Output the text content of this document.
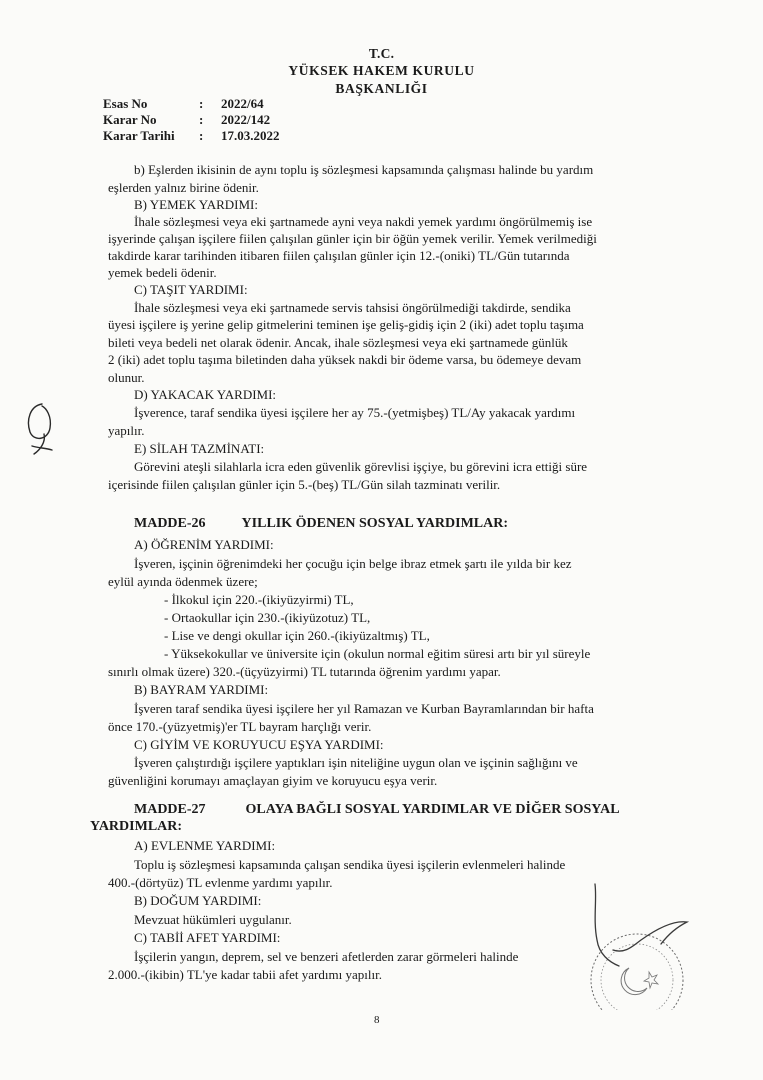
T.C.
YÜKSEK HAKEM KURULU
BAŞKANLIĞI
Esas No	: 2022/64
Karar No	: 2022/142
Karar Tarihi : 17.03.2022
b) Eşlerden ikisinin de aynı toplu iş sözleşmesi kapsamında çalışması halinde bu yardım
eşlerden yalnız birine ödenir.
B) YEMEK YARDIMI:
İhale sözleşmesi veya eki şartnamede ayni veya nakdi yemek yardımı öngörülmemiş ise
işyerinde çalışan işçilere fiilen çalışılan günler için bir öğün yemek verilir. Yemek verilmediği
takdirde karar tarihinden itibaren fiilen çalışılan günler için 12.-(oniki) TL/Gün tutarında
yemek bedeli ödenir.
C) TAŞIT YARDIMI:
İhale sözleşmesi veya eki şartnamede servis tahsisi öngörülmediği takdirde, sendika
üyesi işçilere iş yerine gelip gitmelerini teminen işe geliş-gidiş için 2 (iki) adet toplu taşıma
bileti veya bedeli net olarak ödenir. Ancak, ihale sözleşmesi veya eki şartnamede günlük
2 (iki) adet toplu taşıma biletinden daha yüksek nakdi bir ödeme varsa, bu ödemeye devam
olunur.
D) YAKACAK YARDIMI:
İşverence, taraf sendika üyesi işçilere her ay 75.-(yetmişbeş) TL/Ay yakacak yardımı
yapılır.
E) SİLAH TAZMİNATI:
Görevini ateşli silahlarla icra eden güvenlik görevlisi işçiye, bu görevini icra ettiği süre
içerisinde fiilen çalışılan günler için 5.-(beş) TL/Gün silah tazminatı verilir.
MADDE-26	YILLIK ÖDENEN SOSYAL YARDIMLAR:
A) ÖĞRENİM YARDIMI:
İşveren, işçinin öğrenimdeki her çocuğu için belge ibraz etmek şartı ile yılda bir kez
eylül ayında ödenmek üzere;
- İlkokul için 220.-(ikiyüzyirmi) TL,
- Ortaokullar için 230.-(ikiyüzotuz) TL,
- Lise ve dengi okullar için 260.-(ikiyüzaltmış) TL,
- Yüksekokullar ve üniversite için (okulun normal eğitim süresi artı bir yıl süreyle
sınırlı olmak üzere) 320.-(üçyüzyirmi) TL tutarında öğrenim yardımı yapar.
B) BAYRAM YARDIMI:
İşveren taraf sendika üyesi işçilere her yıl Ramazan ve Kurban Bayramlarından bir hafta
önce 170.-(yüzyetmiş)'er TL bayram harçlığı verir.
C) GİYİM VE KORUYUCU EŞYA YARDIMI:
İşveren çalıştırdığı işçilere yaptıkları işin niteliğine uygun olan ve işçinin sağlığını ve
güvenliğini korumayı amaçlayan giyim ve koruyucu eşya verir.
MADDE-27	OLAYA BAĞLI SOSYAL YARDIMLAR VE DİĞER SOSYAL
YARDIMLAR:
A) EVLENME YARDIMI:
Toplu iş sözleşmesi kapsamında çalışan sendika üyesi işçilerin evlenmeleri halinde
400.-(dörtyüz) TL evlenme yardımı yapılır.
B) DOĞUM YARDIMI:
Mevzuat hükümleri uygulanır.
C) TABİİ AFET YARDIMI:
İşçilerin yangın, deprem, sel ve benzeri afetlerden zarar görmeleri halinde
2.000.-(ikibin) TL'ye kadar tabii afet yardımı yapılır.
8
